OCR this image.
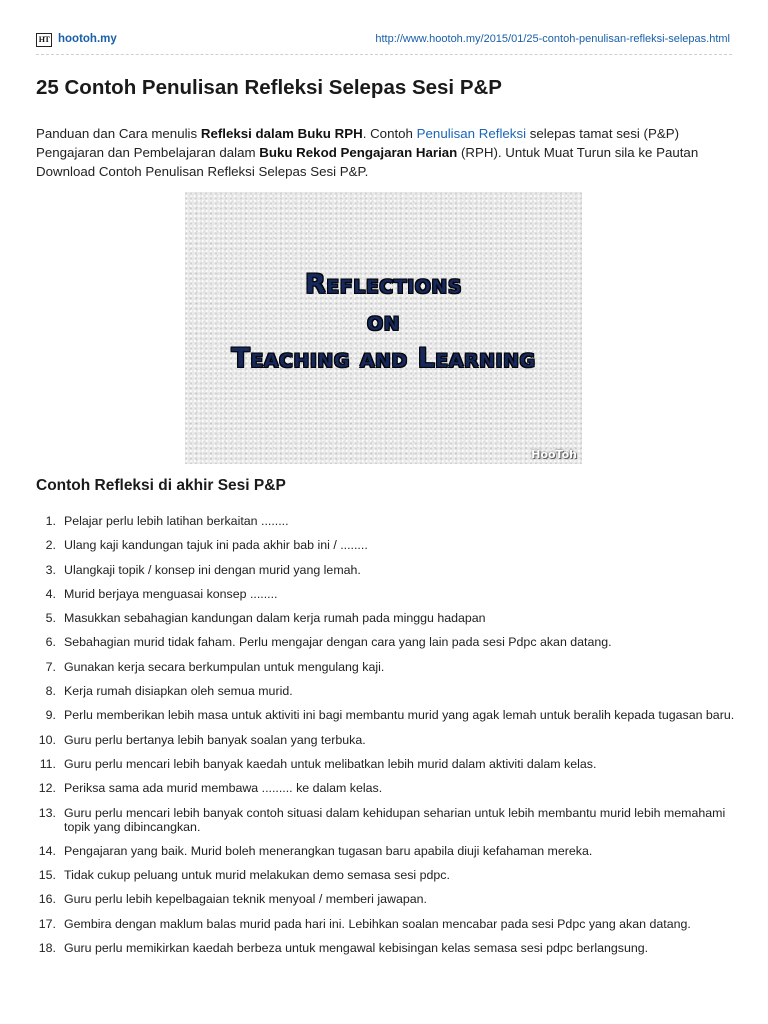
HT hootoh.my	http://www.hootoh.my/2015/01/25-contoh-penulisan-refleksi-selepas.html
25 Contoh Penulisan Refleksi Selepas Sesi P&P

Panduan dan Cara menulis Refleksi dalam Buku RPH. Contoh Penulisan Refleksi selepas tamat sesi (P&P) Pengajaran dan Pembelajaran dalam Buku Rekod Pengajaran Harian (RPH). Untuk Muat Turun sila ke Pautan Download Contoh Penulisan Refleksi Selepas Sesi P&P.

Reflections
on
Teaching and Learning
HooToh
Contoh Refleksi di akhir Sesi P&P
1. Pelajar perlu lebih latihan berkaitan ........
2. Ulang kaji kandungan tajuk ini pada akhir bab ini / ........
3. Ulangkaji topik / konsep ini dengan murid yang lemah.
4. Murid berjaya menguasai konsep ........
5. Masukkan sebahagian kandungan dalam kerja rumah pada minggu hadapan
6. Sebahagian murid tidak faham. Perlu mengajar dengan cara yang lain pada sesi Pdpc akan datang.
7. Gunakan kerja secara berkumpulan untuk mengulang kaji.
8. Kerja rumah disiapkan oleh semua murid.
9. Perlu memberikan lebih masa untuk aktiviti ini bagi membantu murid yang agak lemah untuk beralih kepada tugasan baru.
10. Guru perlu bertanya lebih banyak soalan yang terbuka.
11. Guru perlu mencari lebih banyak kaedah untuk melibatkan lebih murid dalam aktiviti dalam kelas.
12. Periksa sama ada murid membawa ......... ke dalam kelas.
13. Guru perlu mencari lebih banyak contoh situasi dalam kehidupan seharian untuk lebih membantu murid lebih memahami topik yang dibincangkan.
14. Pengajaran yang baik. Murid boleh menerangkan tugasan baru apabila diuji kefahaman mereka.
15. Tidak cukup peluang untuk murid melakukan demo semasa sesi pdpc.
16. Guru perlu lebih kepelbagaian teknik menyoal / memberi jawapan.
17. Gembira dengan maklum balas murid pada hari ini. Lebihkan soalan mencabar pada sesi Pdpc yang akan datang.
18. Guru perlu memikirkan kaedah berbeza untuk mengawal kebisingan kelas semasa sesi pdpc berlangsung.
